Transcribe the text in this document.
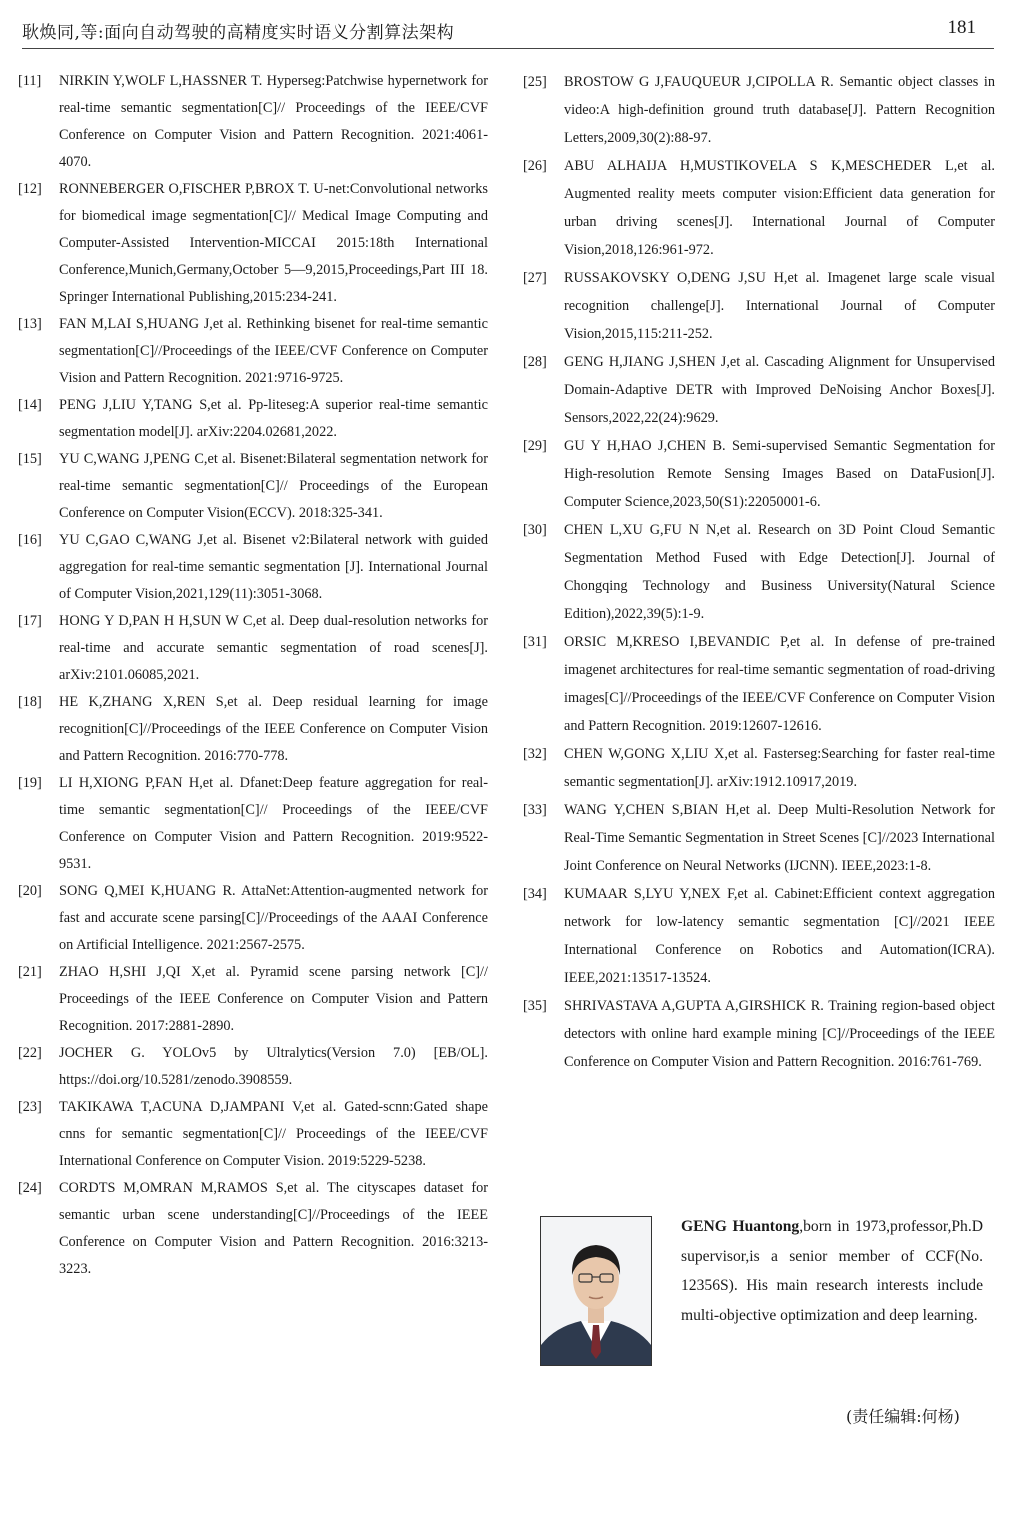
耿焕同,等:面向自动驾驶的高精度实时语义分割算法架构	181

[11] NIRKIN Y,WOLF L,HASSNER T. Hyperseg:Patchwise hypernetwork for real-time semantic segmentation[C]// Proceedings of the IEEE/CVF Conference on Computer Vision and Pattern Recognition. 2021:4061-4070.

[12] RONNEBERGER O,FISCHER P,BROX T. U-net:Convolutional networks for biomedical image segmentation[C]// Medical Image Computing and Computer-Assisted Intervention-MICCAI 2015:18th International Conference,Munich,Germany,October 5—9,2015,Proceedings,Part III 18. Springer International Publishing,2015:234-241.

[13] FAN M,LAI S,HUANG J,et al. Rethinking bisenet for real-time semantic segmentation[C]//Proceedings of the IEEE/CVF Conference on Computer Vision and Pattern Recognition. 2021:9716-9725.

[14] PENG J,LIU Y,TANG S,et al. Pp-liteseg:A superior real-time semantic segmentation model[J]. arXiv:2204.02681,2022.

[15] YU C,WANG J,PENG C,et al. Bisenet:Bilateral segmentation network for real-time semantic segmentation[C]// Proceedings of the European Conference on Computer Vision(ECCV). 2018:325-341.

[16] YU C,GAO C,WANG J,et al. Bisenet v2:Bilateral network with guided aggregation for real-time semantic segmentation [J]. International Journal of Computer Vision,2021,129(11):3051-3068.

[17] HONG Y D,PAN H H,SUN W C,et al. Deep dual-resolution networks for real-time and accurate semantic segmentation of road scenes[J]. arXiv:2101.06085,2021.

[18] HE K,ZHANG X,REN S,et al. Deep residual learning for image recognition[C]//Proceedings of the IEEE Conference on Computer Vision and Pattern Recognition. 2016:770-778.

[19] LI H,XIONG P,FAN H,et al. Dfanet:Deep feature aggregation for real-time semantic segmentation[C]// Proceedings of the IEEE/CVF Conference on Computer Vision and Pattern Recognition. 2019:9522-9531.

[20] SONG Q,MEI K,HUANG R. AttaNet:Attention-augmented network for fast and accurate scene parsing[C]//Proceedings of the AAAI Conference on Artificial Intelligence. 2021:2567-2575.

[21] ZHAO H,SHI J,QI X,et al. Pyramid scene parsing network [C]// Proceedings of the IEEE Conference on Computer Vision and Pattern Recognition. 2017:2881-2890.

[22] JOCHER G. YOLOv5 by Ultralytics(Version 7.0) [EB/OL]. https://doi.org/10.5281/zenodo.3908559.

[23] TAKIKAWA T,ACUNA D,JAMPANI V,et al. Gated-scnn:Gated shape cnns for semantic segmentation[C]// Proceedings of the IEEE/CVF International Conference on Computer Vision. 2019:5229-5238.

[24] CORDTS M,OMRAN M,RAMOS S,et al. The cityscapes dataset for semantic urban scene understanding[C]//Proceedings of the IEEE Conference on Computer Vision and Pattern Recognition. 2016:3213-3223.

[25] BROSTOW G J,FAUQUEUR J,CIPOLLA R. Semantic object classes in video:A high-definition ground truth database[J]. Pattern Recognition Letters,2009,30(2):88-97.

[26] ABU ALHAIJA H,MUSTIKOVELA S K,MESCHEDER L,et al. Augmented reality meets computer vision:Efficient data generation for urban driving scenes[J]. International Journal of Computer Vision,2018,126:961-972.

[27] RUSSAKOVSKY O,DENG J,SU H,et al. Imagenet large scale visual recognition challenge[J]. International Journal of Computer Vision,2015,115:211-252.

[28] GENG H,JIANG J,SHEN J,et al. Cascading Alignment for Unsupervised Domain-Adaptive DETR with Improved DeNoising Anchor Boxes[J]. Sensors,2022,22(24):9629.

[29] GU Y H,HAO J,CHEN B. Semi-supervised Semantic Segmentation for High-resolution Remote Sensing Images Based on DataFusion[J]. Computer Science,2023,50(S1):22050001-6.

[30] CHEN L,XU G,FU N N,et al. Research on 3D Point Cloud Semantic Segmentation Method Fused with Edge Detection[J]. Journal of Chongqing Technology and Business University(Natural Science Edition),2022,39(5):1-9.

[31] ORSIC M,KRESO I,BEVANDIC P,et al. In defense of pre-trained imagenet architectures for real-time semantic segmentation of road-driving images[C]//Proceedings of the IEEE/CVF Conference on Computer Vision and Pattern Recognition. 2019:12607-12616.

[32] CHEN W,GONG X,LIU X,et al. Fasterseg:Searching for faster real-time semantic segmentation[J]. arXiv:1912.10917,2019.

[33] WANG Y,CHEN S,BIAN H,et al. Deep Multi-Resolution Network for Real-Time Semantic Segmentation in Street Scenes [C]//2023 International Joint Conference on Neural Networks (IJCNN). IEEE,2023:1-8.

[34] KUMAAR S,LYU Y,NEX F,et al. Cabinet:Efficient context aggregation network for low-latency semantic segmentation [C]//2021 IEEE International Conference on Robotics and Automation(ICRA). IEEE,2021:13517-13524.

[35] SHRIVASTAVA A,GUPTA A,GIRSHICK R. Training region-based object detectors with online hard example mining [C]//Proceedings of the IEEE Conference on Computer Vision and Pattern Recognition. 2016:761-769.

GENG Huantong,born in 1973,professor,Ph.D supervisor,is a senior member of CCF(No. 12356S). His main research interests include multi-objective optimization and deep learning.

(责任编辑:何杨)
